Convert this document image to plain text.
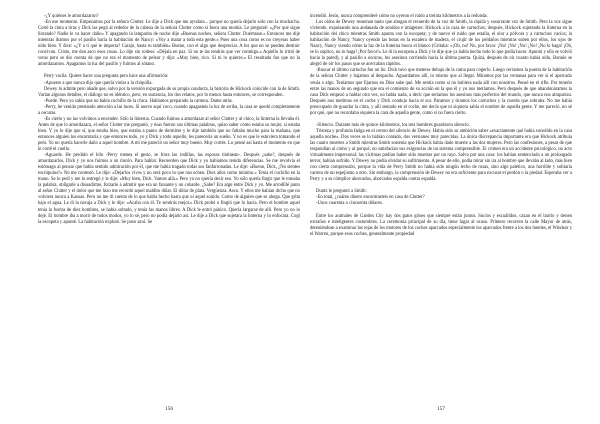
-¿Y quiénes le amordazaron?

-En ese momento. Empezamos por la señora Clutter. Le dije a Dick que me ayudara... porque no quería dejarlo solo con la muchacha. Corté la cinta a tiras y Dick las pegó al rededor de la cabeza de la señora Clutter como si fuera una momia. Le pregunté: «¿Por qué sigue llorando? Nadie le va hacer daño» Y apagando la lamparita de noche dije «Buenas noches, señora Clutter. Duérmase.» Entonces me dije mientras íbamos por el pasillo hacia la habitación de Nancy: «Voy a matar a toda esta gente.» Pues una cosa como es no creyeras haber oído bien. Y dice: «¿Y a ti qué te importa? Carajo, hasta tu también» Bueno, con el algo que despreciar. A los que no se pueden destruir convivan. Cristo, me dan asco esos cosas. Lo dije sin rodeos: «Déjala en paz. Si no te las tendrás que ver conmigo.» Aquello lo irritó de veras pero se dio cuenta de que no era el momento de pelear y dijo: «Muy bien, rico. Si tú lo quieres.» El resultado fue que no la amordazamos. Apagamos la luz del pasillo y fuimos al sótano.

Perry vacila. Quiere hacer una pregunta pero hace una afirmación:

-Apuesto a que nunca dijo que quería violar a la chiquilla.

Dewey lo admite pero añade que, salvo por la versión expurgada de su propia conducta, la historia de Hickock coincide con la de Smith. Varían algunos detalles, el diálogo no es idéntico, pero, en sustancia, los dos relatos, por lo menos hasta entonces, se corresponden.

-Puede. Pero yo sabía que no había cuchillo de la chica. Habíamos preparado la cantora. Dame atrás.

-Perry, he venido prestando atención a las luces. Si nuevo aquí voco, cuando apagasteis la luz de arriba, la casa se quedó completamente a oscuras.

-Es cierto y no las volvimos a encender. Sólo la linterna. Cuando fuimos a amordazar al señor Clutter y al chico, la linterna la llevaba él. Antes de que lo amordazara, el señor Clutter me preguntó, y ésas fueron sus últimas palabras, quiso saber cómo estaba su mujer, si estaba bien. Y yo le dije que sí, que estaba bien, que estaba a punto de dormirse y le dije también que no faltaba mucho para la mañana, que entonces alguien los encontraría y que entonces todo, yo y Dick y todo aquello, les parecería un sueño. Y no es que le estuviera tomando el pelo. Yo no quería hacerle daño a aquel hombre. A mí me pareció un señor muy bueno. Muy cortés. Lo pensé así hasta el momento en que le corté el cuello.

-Aguarde. He perdido el hilo -Perry menea el gesto, se frota las rodillas, las esposas tintinean-. Después ¿sabe?, después de amordazarlos, Dick y yo nos fuimos a un rincón. Para hablar. Recuerden que Dick y yo habíamos tenido diferencias. Se me revolvía el estómago al pensar que había sentido admiración por él, que me había tragado todas sus fanfarronadas. Le dije: «Bueno, Dick, ¿No sientes escrúpulos?» No me contestó. Le dije: «Dejarlos vivos y no será poco lo que nos echen. Diez años como mínimo.» Tenía el cuchillo en la mano. Se lo pedí y me lo entregó y le dije: «Muy bien, Dick. Vamos allá.» Pero yo no quería decir eso. Yo sólo quería fingir que le tomaba la palabra, obligarle a disuadirme, forzarle a admitir que era un farsante y un cobarde. ¿Sabe? Era algo entre Dick y yo. Me arrodillé junto al señor Clutter y el dolor que me hizo me recordó aquel maldito dólar. El dólar de plata. Vergüenza. Asco. Y ellos me habían dicho que no volviera nunca a Kansas. Pero no me di cuenta de lo que había hecho hasta que oí aquel sonido. Como de alguien que se ahoga. Que grita bajo el agua. Le di la navaja a Dick y le dije: «Acaba con él. Te sentirás mejor.» Dick probó o fingió que lo hacía. Pero el hombre aquel tenía la fuerza de diez hombres, se había soltado, y tenía las manos libres. A Dick le entró pánico. Quería largarse de allí. Pero yo no lo dejé. El hombre iba a morir de todos modos, yo lo sé, pero no podía dejarlo así. Le dije a Dick que sujetara la linterna y lo enfocara. Cogí la escopeta y apunté. La habitación explotó. Se puso azul. Se

156

incendió. Jesús, nunca comprenderé cómo no oyeron el ruido a treinta kilómetros a la redonda.

Los oídos de Dewey resuenan tanto que ahogan el recuerdo de la voz de Smith, la rápida y susurrante voz de Smith. Pero la voz sigue viviendo, expulsando una andanada de sonidos e imágenes: Hickock a la caza de cartuchos; después, Hickock sujetando la linterna en la habitación del chico mientras Smith apunta con la escopeta; y de nuevo el ruido que estalla, el olor a pólvora y a cartuchos vacíos; la habitación de Nancy, Nancy oyendo las botas en la escalera de madera, el crujir de los peldaños mientras suben por ellos, los ojos de Nancy, Nancy viendo cómo la luz de la linterna busca el blanco (Gritaba: «¡Oh, no! No, por favor. ¡No! ¡No! ¡No! ¡No! ¡No lo haga! ¡Oh, se lo suplico, no lo haga! ¡Por favor!» Le di la escopeta a Dick y le dije que ya había hecho todo lo que podía hacer. Apuntó y ella se volvió hacia la pared), y al pasillo a oscuras, los asesinos corriendo hacia la última puerta. Quizá, después de oír cuanto había oído, Bonnie se alegró de oír los pasos que se acercaban rápidos.

-Buscar el último cartucho fue un lío. Dick tuvo que meterse debajo de la cama para cogerlo. Luego cerramos la puerta de la habitación de la señora Clutter y bajamos al despacho. Aguardamos allí, lo mismo que al llegar. Miramos por las ventanas para ver si el apercado venía o algo. Teníamos que fijarnos en Dios sabe qué. Me sentía como si no hubiera nada allí con nosotros. Pensé en el rifle. Por tenerlo entre las manos de un segundo que era el comienzo de su acción en la que él y yo nos metíamos. Pero después de que abandonáramos la casa Dick empezó a hablar otra vez, no había nada, a decir que seríamos los asesinos más perfectos del mundo, que nunca nos atraparían. Después nos metimos en el coche y Dick condujo hacia el sur. Paramos y tiramos los cartuchos y la cuerda que sobraba. No me había preocupado de guardar la cinta, y allí sentado en el coche, me decía que ni siquiera sabía el nombre de aquella gente. Y me pareció, no sé por qué, que no recordaba siquiera la cara de aquella gente, como si no fuera cierto.

-Silencio. Durante más de quince kilómetros, los tres hombres guardaron silencio.

Tristeza y profunda fatiga en el centro del silencio de Dewey. Había sido su ambición saber «exactamente qué había sucedido en la casa aquella noche». Dos veces se lo habían contado, dos versiones muy parecidas. La única discrepancia importante era que Hickock atribuía las cuatro muertes a Smith mientras Smith sostenía que Hickock había dado muerte a las dos mujeres. Pero las confesiones, a pesar de que respondían al cómo y al porqué, no satisfacían sus exigencias de un sistema comprensible. El crimen era un accidente psicológico, un acto virtualmente impersonal; las víctimas podían haber sido muertas por un rayo. Salvo por una cosa: los habían sentenciado a un prolongado terror, habían sufrido. Y Dewey no podía olvidar su sufrimiento. A pesar de ello, podía mirar sin ira al hombre que llevaba al lado, más bien con cierta comprensión, porque la vida de Perry Smith no había sido ningún lecho de rosas, sino algo patético, una horrible y solitaria carrera de un espejismo a otro. Sin embargo, la comprensión de Dewey no era suficiente para excusar el perdón o la piedad. Esperaba ver a Perry y a su cómplice ahorcados, ahorcados espalda contra espalda.

Duntz le preguntó a Smith:

-En total, ¿cuánto dinero encontrasteis en casa de Clutter?

-Unos cuarenta o cincuenta dólares.

Entre los animales de Garden City hay dos gatos grises que siempre están juntos. Sucios y escuálidos, cazan en el barrio y tienen extraños e inteligentes costumbres. La ceremonia principal de su día, tiene lugar al ocaso. Primero recorren la calle Mayor de atrás, deteniéndose a examinar las rejas de los motores de los coches aparcados especialmente los aparcados frente a los dos hoteles, el Windsor y el Warren, porque esos coches, generalmente propiedad

157
